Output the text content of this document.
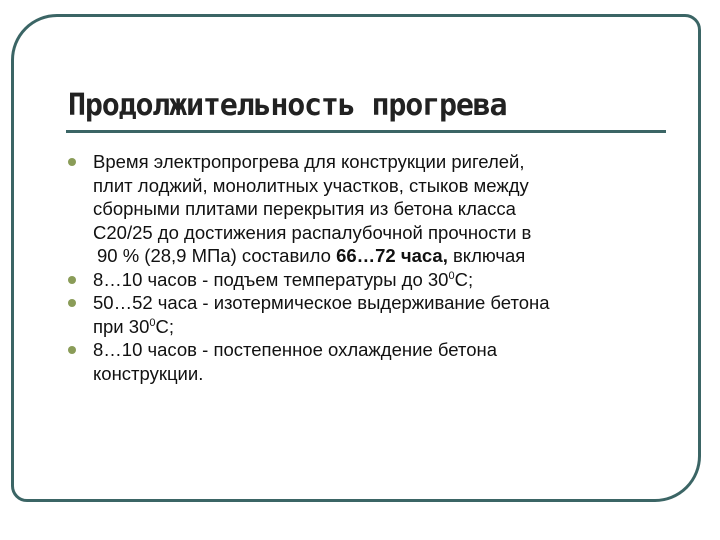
Продолжительность прогрева
Время электропрогрева для конструкции ригелей,
плит лоджий, монолитных участков, стыков между
сборными плитами перекрытия из бетона класса
С20/25 до достижения распалубочной прочности в
90 % (28,9 МПа) составило 66…72 часа, включая
8…10 часов - подъем температуры до $30^0С$;
50…52 часа - изотермическое выдерживание бетона
при $30^0С$;
8…10 часов - постепенное охлаждение бетона
конструкции.
